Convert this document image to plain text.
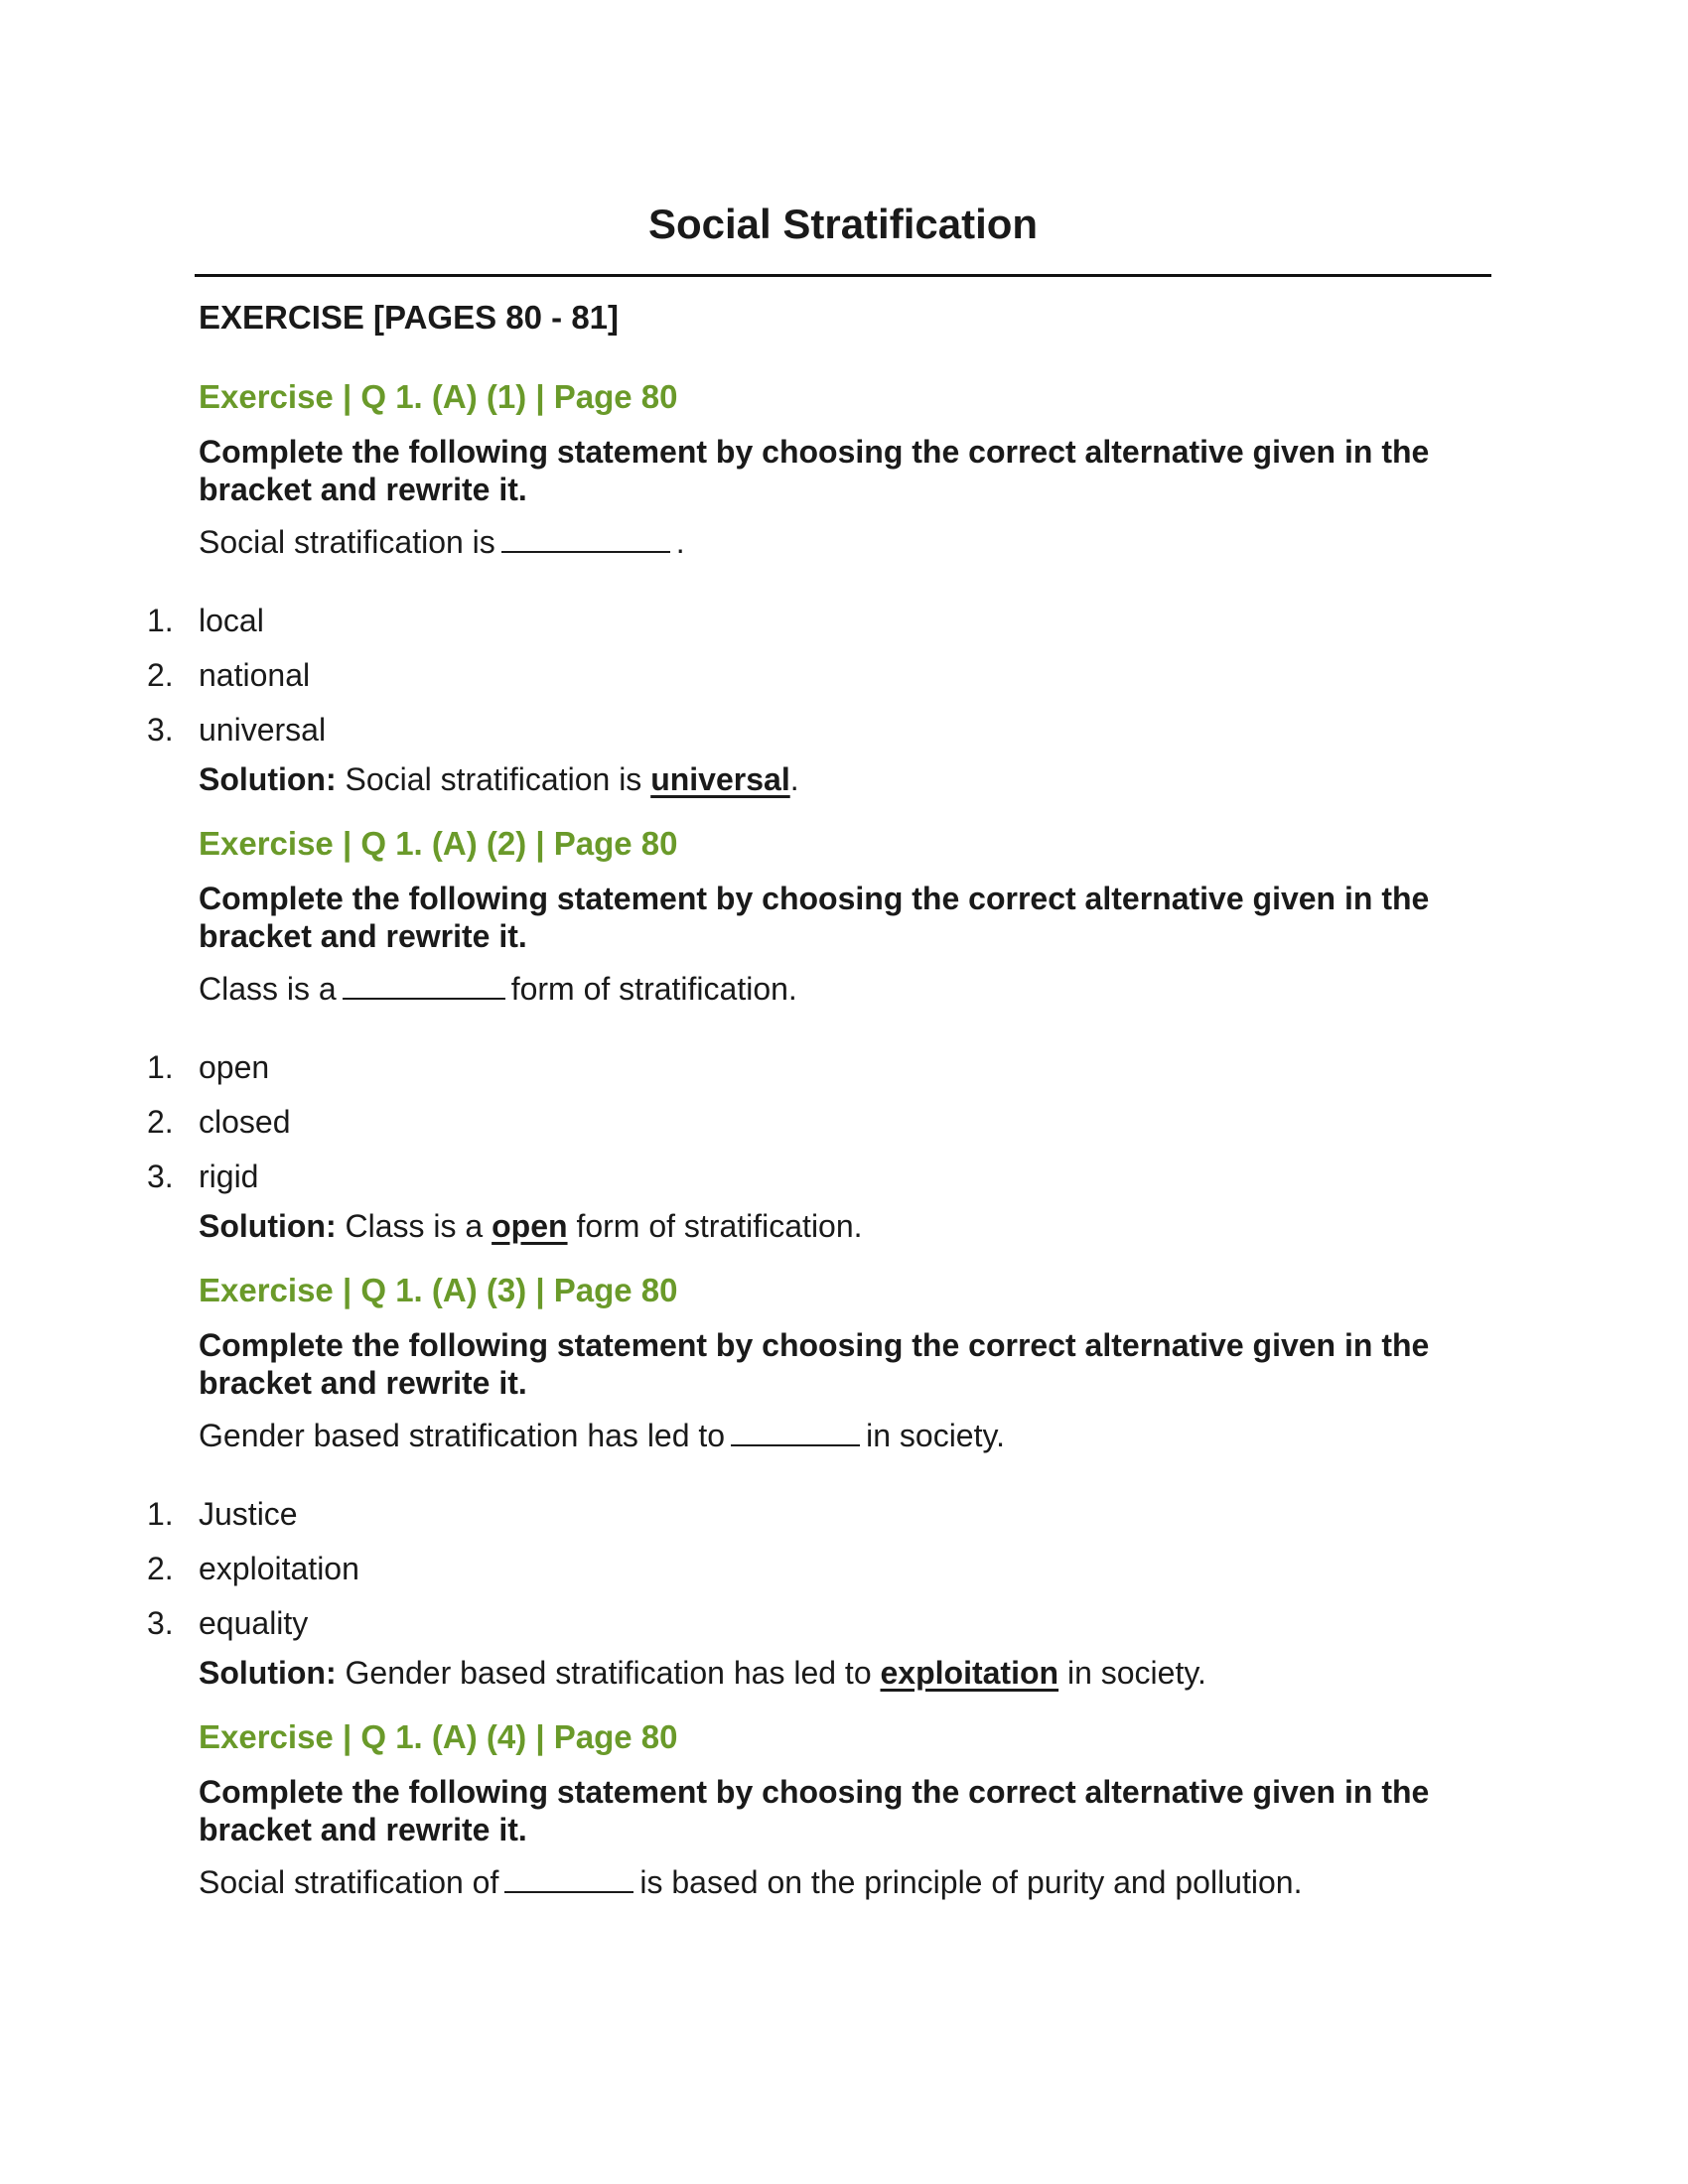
Social Stratification
EXERCISE [PAGES 80 - 81]
Exercise | Q 1. (A) (1) | Page 80
Complete the following statement by choosing the correct alternative given in the bracket and rewrite it.
Social stratification is	.
1. local
2. national
3. universal
Solution: Social stratification is universal.
Exercise | Q 1. (A) (2) | Page 80
Complete the following statement by choosing the correct alternative given in the bracket and rewrite it.
Class is a	form of stratification.
1. open
2. closed
3. rigid
Solution: Class is a open form of stratification.
Exercise | Q 1. (A) (3) | Page 80
Complete the following statement by choosing the correct alternative given in the bracket and rewrite it.
Gender based stratification has led to	in society.
1. Justice
2. exploitation
3. equality
Solution: Gender based stratification has led to exploitation in society.
Exercise | Q 1. (A) (4) | Page 80
Complete the following statement by choosing the correct alternative given in the bracket and rewrite it.
Social stratification of	is based on the principle of purity and pollution.
